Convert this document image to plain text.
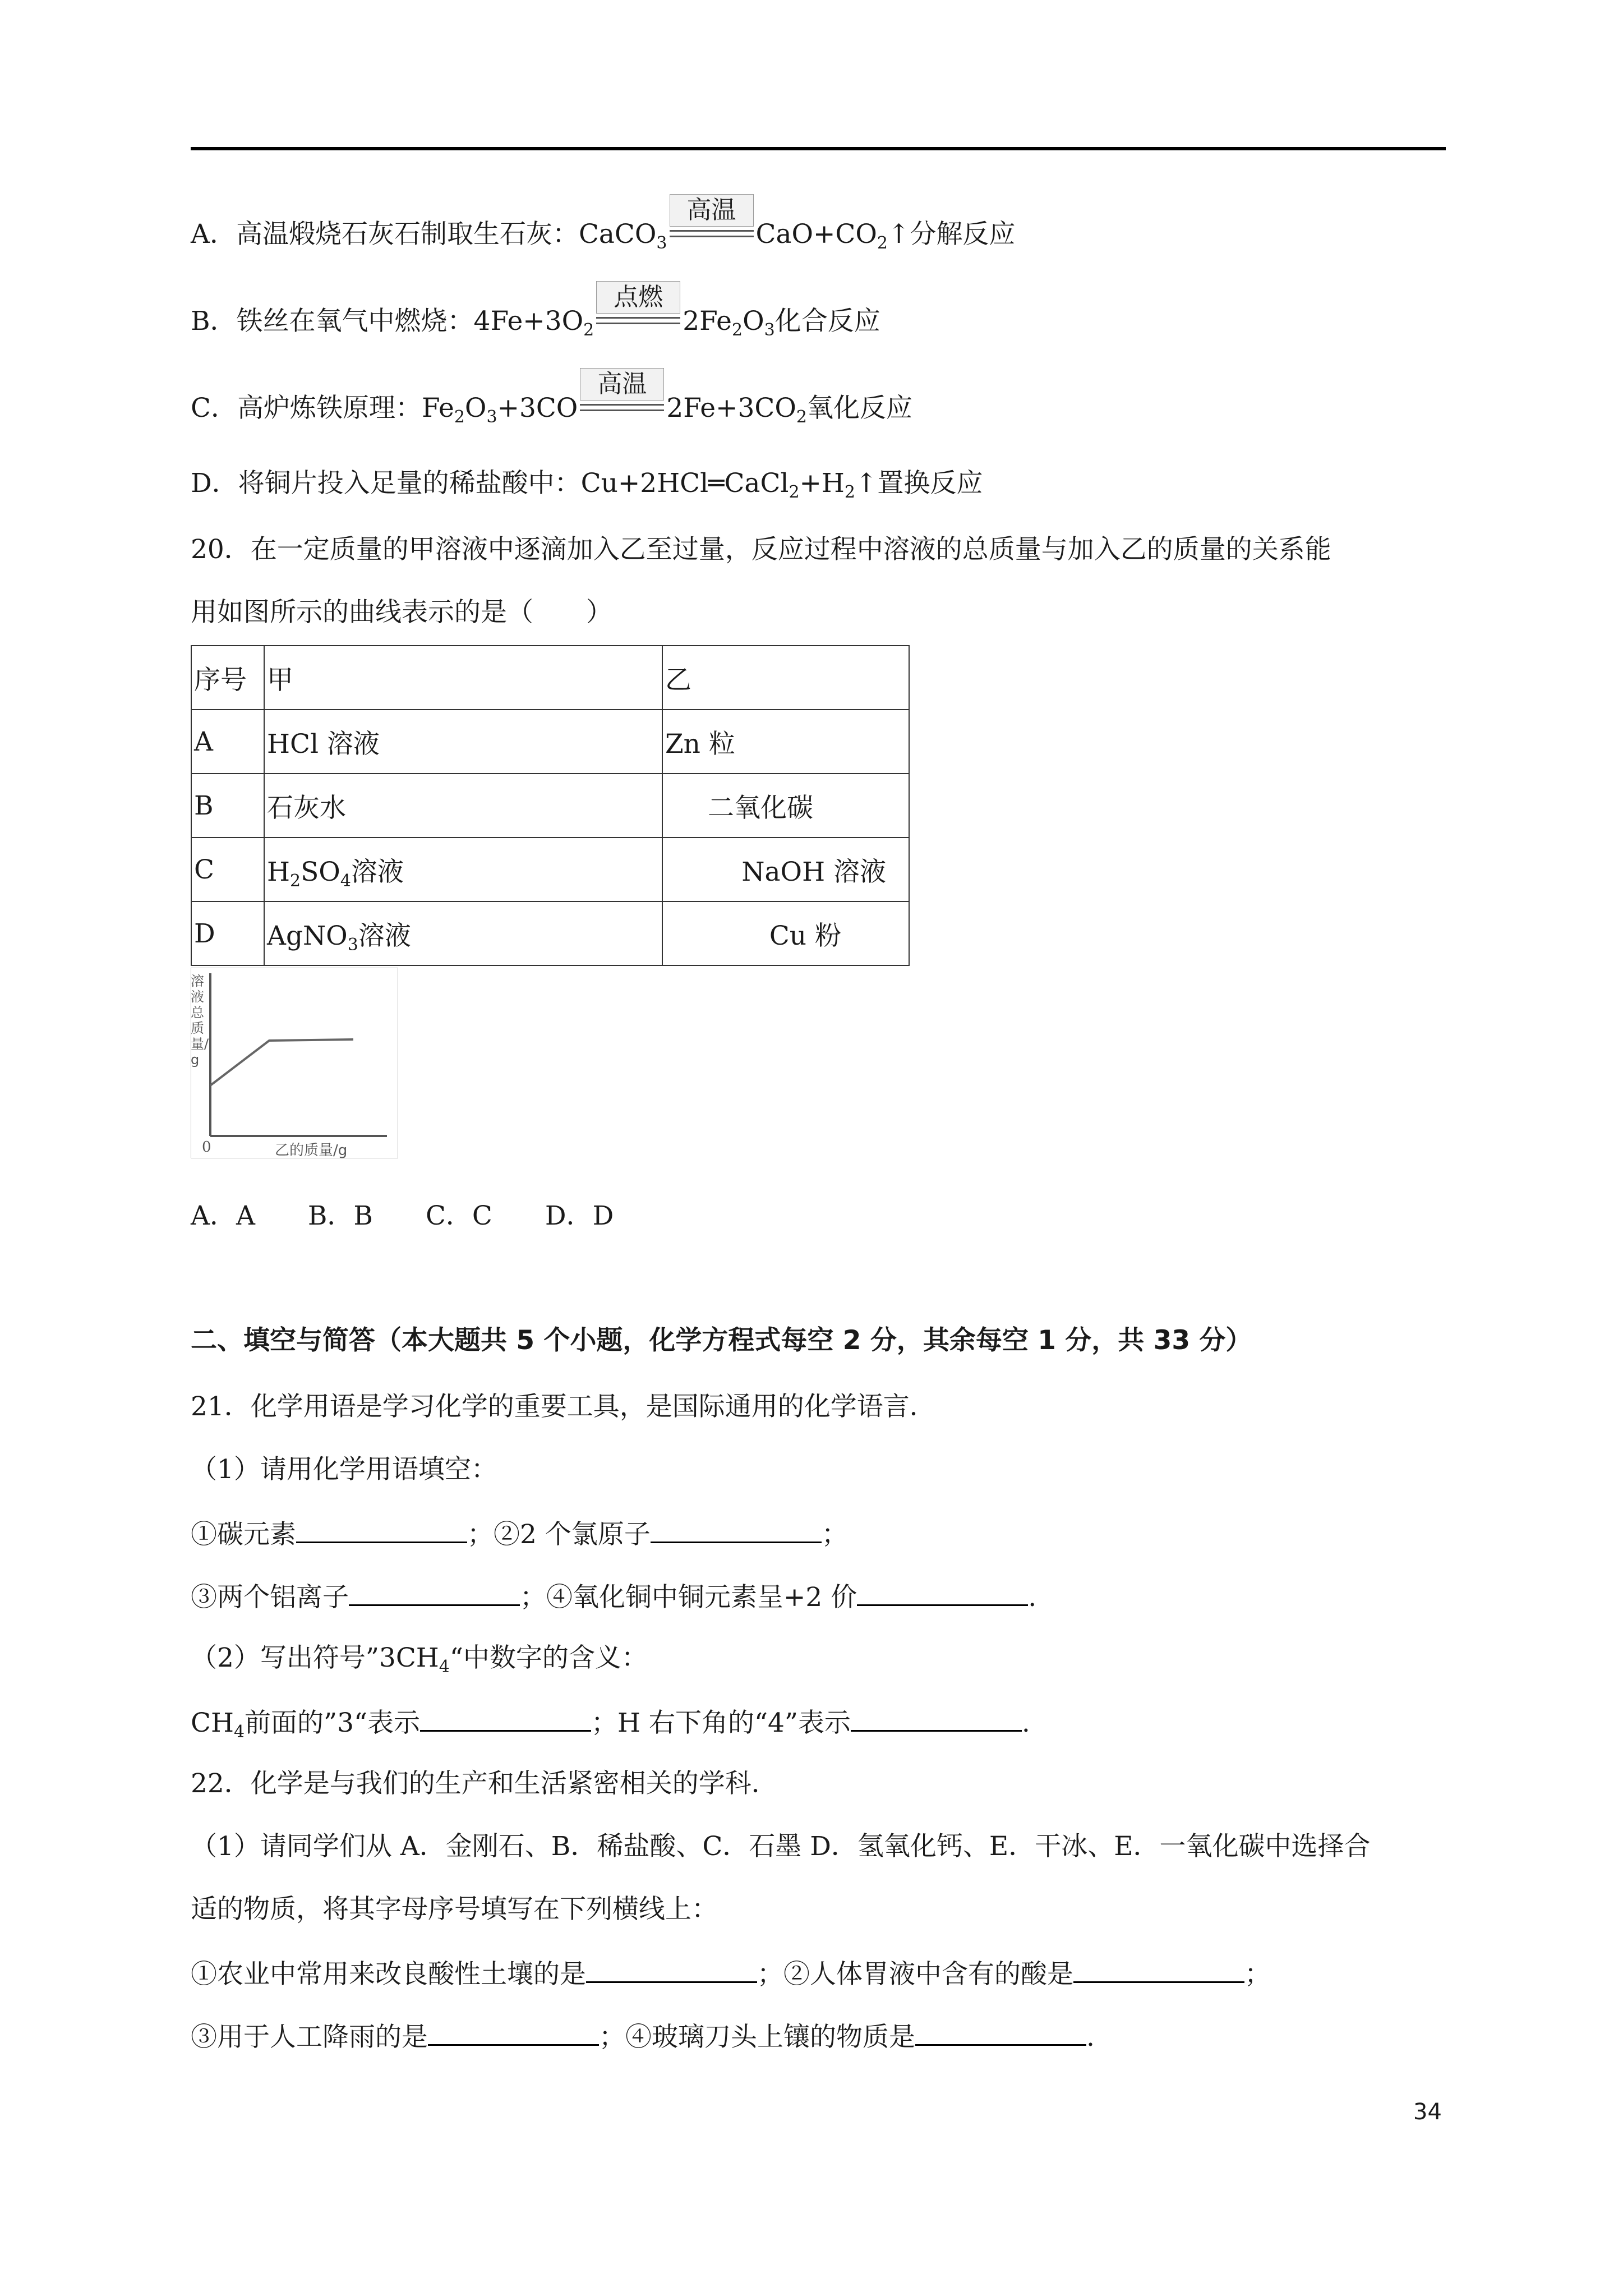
A．高温煅烧石灰石制取生石灰：CaCO$_3$
高温
$CaO+CO_2↑$分解反应
B．铁丝在氧气中燃烧：$4Fe+3O_2$
点燃
$2Fe_2O_3$化合反应
C．高炉炼铁原理：$Fe_2O_3+3CO$
高温
$2Fe+3CO_2$氧化反应
D．将铜片投入足量的稀盐酸中：$Cu+2HCl═CaCl_2+H_2↑$置换反应
20．在一定质量的甲溶液中逐滴加入乙至过量，反应过程中溶液的总质量与加入乙的质量的关系能
用如图所示的曲线表示的是（　　）
序号	甲	乙
A	HCl 溶液	Zn 粒
B	石灰水	二氧化碳
C	$H_2SO_4$溶液	NaOH 溶液
D	AgNO$_3$溶液	Cu 粉
溶液总质量/g
0	乙的质量/g
A．A　　B．B　　C．C　　D．D
二、填空与简答（本大题共 5 个小题，化学方程式每空 2 分，其余每空 1 分，共 33 分）
21．化学用语是学习化学的重要工具，是国际通用的化学语言．
（1）请用化学用语填空：
①碳元素	；②2 个氯原子	；
③两个铝离子	；④氧化铜中铜元素呈+2 价	.
（2）写出符号$”3CH_4“$中数字的含义：
$CH_4$前面的”3“表示	；H 右下角的“4”表示	.
22．化学是与我们的生产和生活紧密相关的学科．
（1）请同学们从 A．金刚石、B．稀盐酸、C．石墨 D．氢氧化钙、E．干冰、E．一氧化碳中选择合
适的物质，将其字母序号填写在下列横线上：
①农业中常用来改良酸性土壤的是	；②人体胃液中含有的酸是	；
③用于人工降雨的是	；④玻璃刀头上镶的物质是	.
34
